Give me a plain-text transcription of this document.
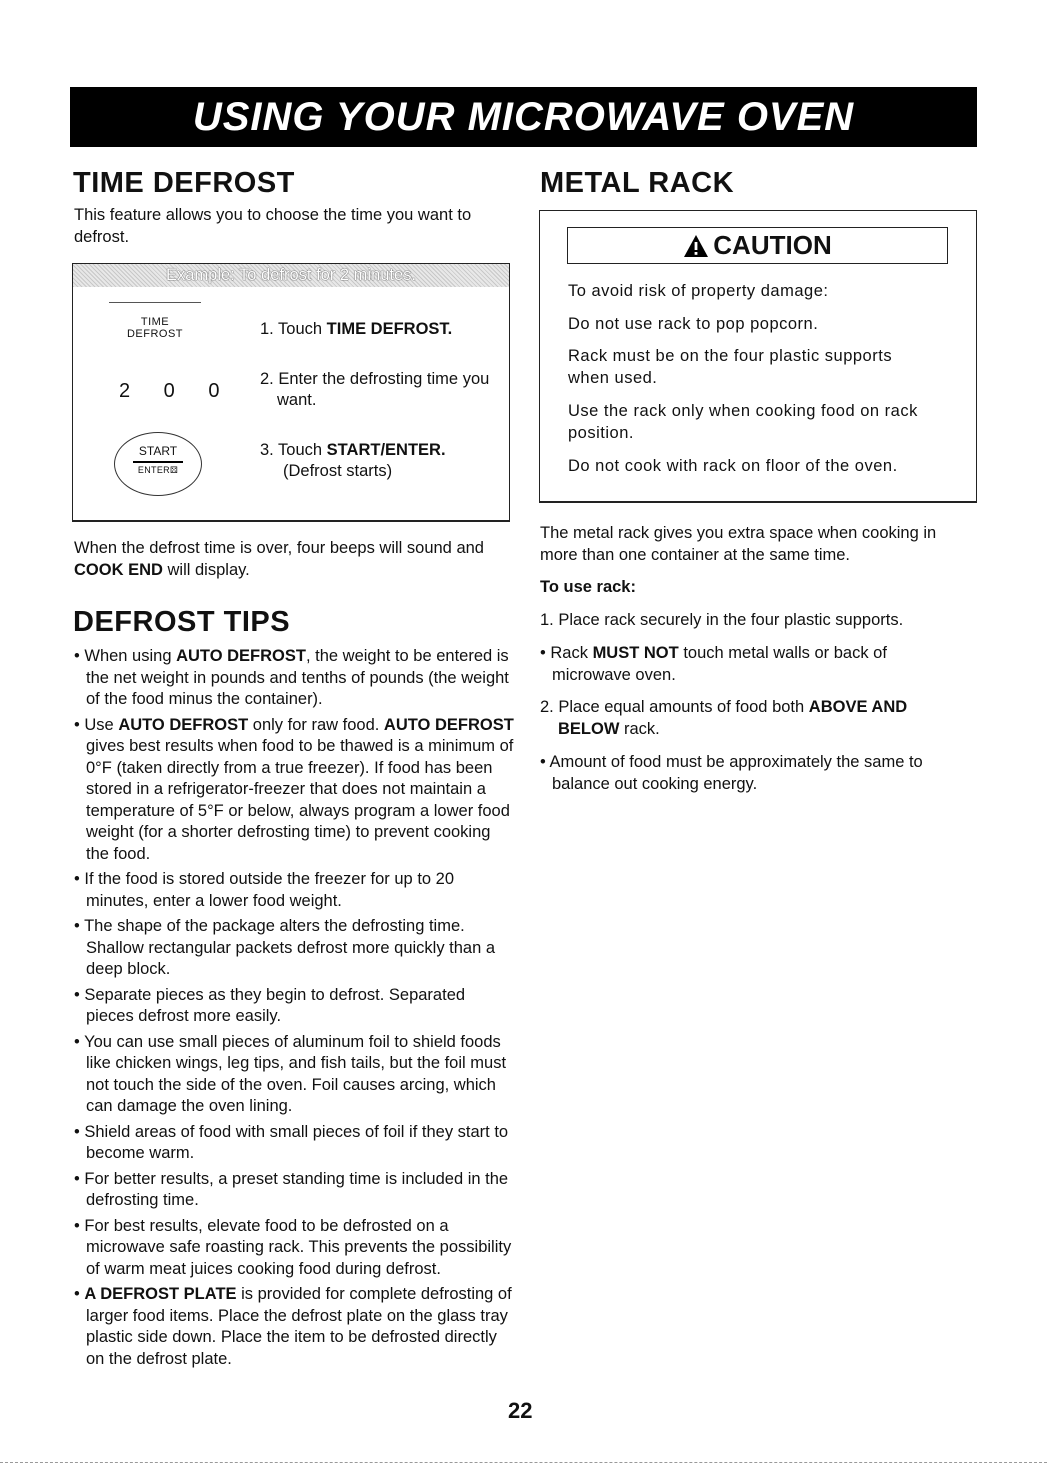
USING YOUR MICROWAVE OVEN
TIME DEFROST
This feature allows you to choose the time you want to defrost.
Example: To defrost for 2 minutes.
TIME
DEFROST
2 0 0
START
ENTER⚄
1. Touch TIME DEFROST.
2. Enter the defrosting time you want.
3. Touch START/ENTER.
(Defrost starts)
When the defrost time is over, four beeps will sound and COOK END will display.
DEFROST TIPS
• When using AUTO DEFROST, the weight to be entered is the net weight in pounds and tenths of pounds (the weight of the food minus the container).
• Use AUTO DEFROST only for raw food. AUTO DEFROST gives best results when food to be thawed is a minimum of 0°F (taken directly from a true freezer). If food has been stored in a refrigerator-freezer that does not maintain a temperature of 5°F or below, always program a lower food weight (for a shorter defrosting time) to prevent cooking the food.
• If the food is stored outside the freezer for up to 20 minutes, enter a lower food weight.
• The shape of the package alters the defrosting time. Shallow rectangular packets defrost more quickly than a deep block.
• Separate pieces as they begin to defrost. Separated pieces defrost more easily.
• You can use small pieces of aluminum foil to shield foods like chicken wings, leg tips, and fish tails, but the foil must not touch the side of the oven. Foil causes arcing, which can damage the oven lining.
• Shield areas of food with small pieces of foil if they start to become warm.
• For better results, a preset standing time is included in the defrosting time.
• For best results, elevate food to be defrosted on a microwave safe roasting rack. This prevents the possibility of warm meat juices cooking food during defrost.
• A DEFROST PLATE is provided for complete defrosting of larger food items. Place the defrost plate on the glass tray plastic side down. Place the item to be defrosted directly on the defrost plate.
METAL RACK
CAUTION
To avoid risk of property damage:
Do not use rack to pop popcorn.
Rack must be on the four plastic supports when used.
Use the rack only when cooking food on rack position.
Do not cook with rack on floor of the oven.
The metal rack gives you extra space when cooking in more than one container at the same time.
To use rack:
1. Place rack securely in the four plastic supports.
• Rack MUST NOT touch metal walls or back of microwave oven.
2. Place equal amounts of food both ABOVE AND BELOW rack.
• Amount of food must be approximately the same to balance out cooking energy.
22
